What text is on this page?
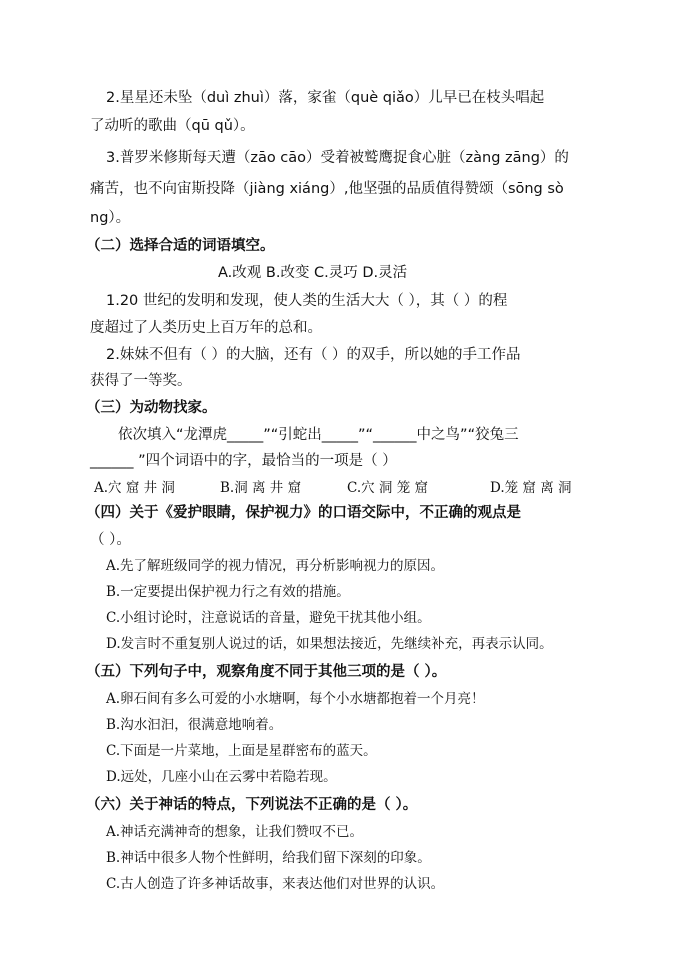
2.星星还未坠（duì zhuì）落，家雀（què qiǎo）儿早已在枝头唱起
了动听的歌曲（qū qǔ）。
3.普罗米修斯每天遭（zāo cāo）受着被鹫鹰捉食心脏（zàng zāng）的
痛苦，也不向宙斯投降（jiàng xiáng）,他坚强的品质值得赞颂（sōng sò
ng）。
（二）选择合适的词语填空。
A.改观 B.改变 C.灵巧 D.灵活
1.20 世纪的发明和发现，使人类的生活大大（ ），其（ ）的程
度超过了人类历史上百万年的总和。
2.妹妹不但有（ ）的大脑，还有（ ）的双手，所以她的手工作品
获得了一等奖。
（三）为动物找家。
依次填入“龙潭虎_____”“引蛇出_____”“______中之鸟”“狡兔三
______ ”四个词语中的字，最恰当的一项是（ ）
A.穴 窟 井 洞	B.洞 离 井 窟	C.穴 洞 笼 窟	D.笼 窟 离 洞
（四）关于《爱护眼睛，保护视力》的口语交际中，不正确的观点是
（ ）。
A.先了解班级同学的视力情况，再分析影响视力的原因。
B.一定要提出保护视力行之有效的措施。
C.小组讨论时，注意说话的音量，避免干扰其他小组。
D.发言时不重复别人说过的话，如果想法接近，先继续补充，再表示认同。
（五）下列句子中，观察角度不同于其他三项的是（ ）。
A.卵石间有多么可爱的小水塘啊，每个小水塘都抱着一个月亮！
B.沟水汩汩，很满意地响着。
C.下面是一片菜地，上面是星群密布的蓝天。
D.远处，几座小山在云雾中若隐若现。
（六）关于神话的特点，下列说法不正确的是（ ）。
A.神话充满神奇的想象，让我们赞叹不已。
B.神话中很多人物个性鲜明，给我们留下深刻的印象。
C.古人创造了许多神话故事，来表达他们对世界的认识。
